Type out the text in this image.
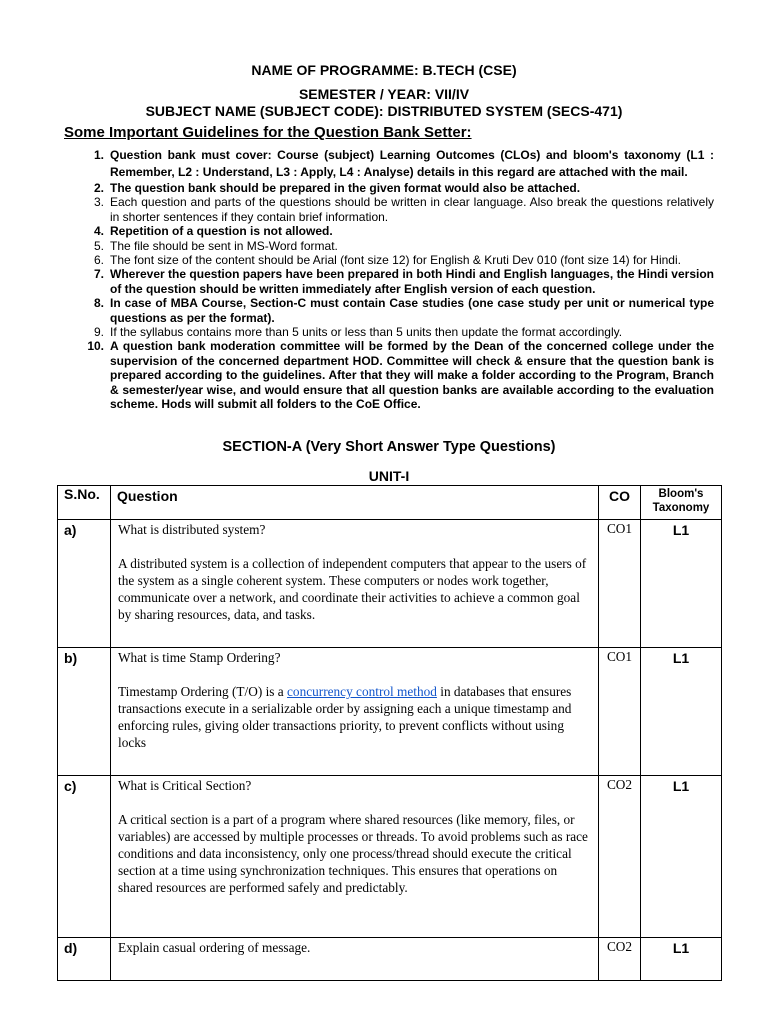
NAME OF PROGRAMME: B.TECH (CSE)
SEMESTER / YEAR: VII/IV
SUBJECT NAME (SUBJECT CODE): DISTRIBUTED SYSTEM (SECS-471)
Some Important Guidelines for the Question Bank Setter:
1. Question bank must cover: Course (subject) Learning Outcomes (CLOs) and bloom's taxonomy (L1 : Remember, L2 : Understand, L3 : Apply, L4 : Analyse) details in this regard are attached with the mail.
2. The question bank should be prepared in the given format would also be attached.
3. Each question and parts of the questions should be written in clear language. Also break the questions relatively in shorter sentences if they contain brief information.
4. Repetition of a question is not allowed.
5. The file should be sent in MS-Word format.
6. The font size of the content should be Arial (font size 12) for English & Kruti Dev 010 (font size 14) for Hindi.
7. Wherever the question papers have been prepared in both Hindi and English languages, the Hindi version of the question should be written immediately after English version of each question.
8. In case of MBA Course, Section-C must contain Case studies (one case study per unit or numerical type questions as per the format).
9. If the syllabus contains more than 5 units or less than 5 units then update the format accordingly.
10. A question bank moderation committee will be formed by the Dean of the concerned college under the supervision of the concerned department HOD. Committee will check & ensure that the question bank is prepared according to the guidelines. After that they will make a folder according to the Program, Branch & semester/year wise, and would ensure that all question banks are available according to the evaluation scheme. Hods will submit all folders to the CoE Office.
SECTION-A (Very Short Answer Type Questions)
UNIT-I
S.No.	Question	CO	Bloom's Taxonomy
a)	What is distributed system?

A distributed system is a collection of independent computers that appear to the users of the system as a single coherent system. These computers or nodes work together, communicate over a network, and coordinate their activities to achieve a common goal by sharing resources, data, and tasks.	CO1	L1
b)	What is time Stamp Ordering?

Timestamp Ordering (T/O) is a concurrency control method in databases that ensures transactions execute in a serializable order by assigning each a unique timestamp and enforcing rules, giving older transactions priority, to prevent conflicts without using locks	CO1	L1
c)	What is Critical Section?

A critical section is a part of a program where shared resources (like memory, files, or variables) are accessed by multiple processes or threads. To avoid problems such as race conditions and data inconsistency, only one process/thread should execute the critical section at a time using synchronization techniques. This ensures that operations on shared resources are performed safely and predictably.	CO2	L1
d)	Explain casual ordering of message.	CO2	L1
